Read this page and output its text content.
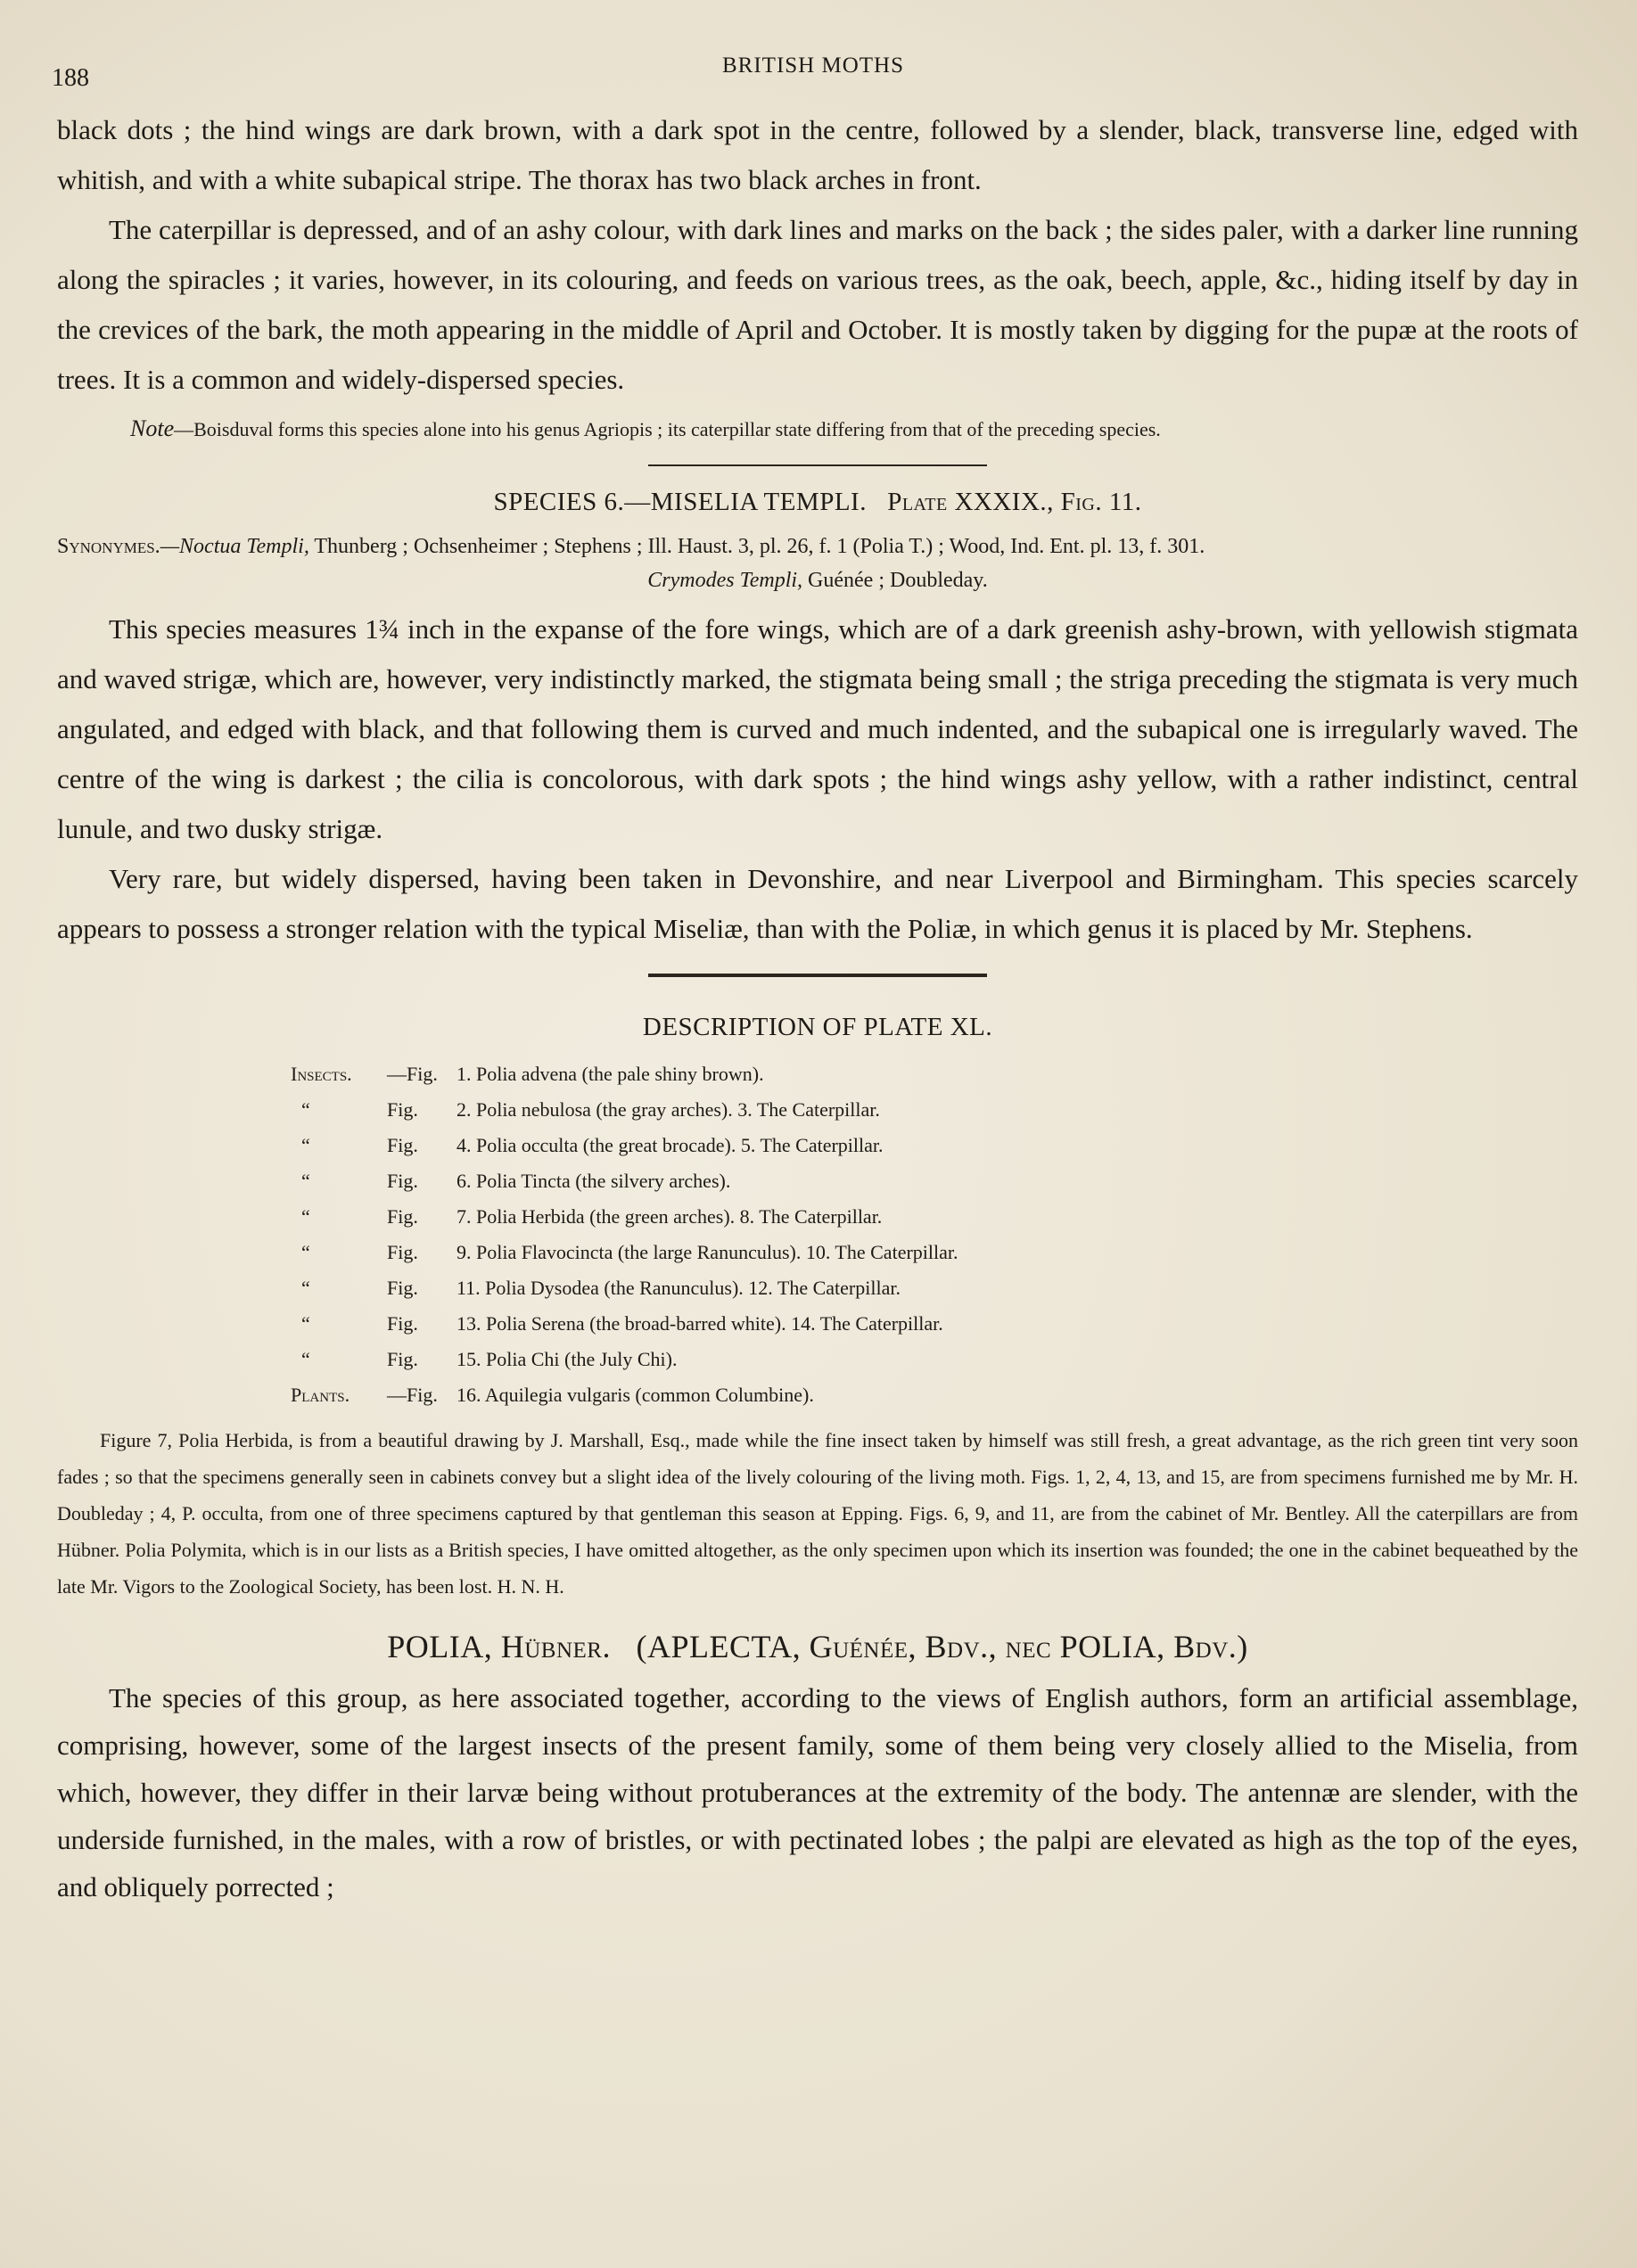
188	BRITISH MOTHS

black dots ; the hind wings are dark brown, with a dark spot in the centre, followed by a slender, black, transverse line, edged with whitish, and with a white subapical stripe. The thorax has two black arches in front.

The caterpillar is depressed, and of an ashy colour, with dark lines and marks on the back ; the sides paler, with a darker line running along the spiracles ; it varies, however, in its colouring, and feeds on various trees, as the oak, beech, apple, &c., hiding itself by day in the crevices of the bark, the moth appearing in the middle of April and October. It is mostly taken by digging for the pupæ at the roots of trees. It is a common and widely-dispersed species.

Note—Boisduval forms this species alone into his genus Agriopis ; its caterpillar state differing from that of the preceding species.

SPECIES 6.—MISELIA TEMPLI. Plate XXXIX., Fig. 11.

Synonymes.—Noctua Templi, Thunberg ; Ochsenheimer ; Stephens ; Ill. Haust. 3, pl. 26, f. 1 (Polia T.) ; Wood, Ind. Ent. pl. 13, f. 301.

Crymodes Templi, Guénée ; Doubleday.

This species measures 1¾ inch in the expanse of the fore wings, which are of a dark greenish ashy-brown, with yellowish stigmata and waved strigæ, which are, however, very indistinctly marked, the stigmata being small ; the striga preceding the stigmata is very much angulated, and edged with black, and that following them is curved and much indented, and the subapical one is irregularly waved. The centre of the wing is darkest ; the cilia is concolorous, with dark spots ; the hind wings ashy yellow, with a rather indistinct, central lunule, and two dusky strigæ.

Very rare, but widely dispersed, having been taken in Devonshire, and near Liverpool and Birmingham. This species scarcely appears to possess a stronger relation with the typical Miseliæ, than with the Poliæ, in which genus it is placed by Mr. Stephens.

DESCRIPTION OF PLATE XL.
Insects.	—Fig. 1. Polia advena (the pale shiny brown).
“	Fig.	2. Polia nebulosa (the gray arches). 3. The Caterpillar.
“	Fig.	4. Polia occulta (the great brocade). 5. The Caterpillar.
“	Fig.	6. Polia Tincta (the silvery arches).
“	Fig.	7. Polia Herbida (the green arches). 8. The Caterpillar.
“	Fig.	9. Polia Flavocincta (the large Ranunculus). 10. The Caterpillar.
“	Fig.	11. Polia Dysodea (the Ranunculus). 12. The Caterpillar.
“	Fig.	13. Polia Serena (the broad-barred white). 14. The Caterpillar.
“	Fig.	15. Polia Chi (the July Chi).
Plants.	—Fig. 16. Aquilegia vulgaris (common Columbine).

Figure 7, Polia Herbida, is from a beautiful drawing by J. Marshall, Esq., made while the fine insect taken by himself was still fresh, a great advantage, as the rich green tint very soon fades ; so that the specimens generally seen in cabinets convey but a slight idea of the lively colouring of the living moth. Figs. 1, 2, 4, 13, and 15, are from specimens furnished me by Mr. H. Doubleday ; 4, P. occulta, from one of three specimens captured by that gentleman this season at Epping. Figs. 6, 9, and 11, are from the cabinet of Mr. Bentley. All the caterpillars are from Hübner. Polia Polymita, which is in our lists as a British species, I have omitted altogether, as the only specimen upon which its insertion was founded; the one in the cabinet bequeathed by the late Mr. Vigors to the Zoological Society, has been lost. H. N. H.

POLIA, Hübner. (APLECTA, Guénée, Bdv., nec POLIA, Bdv.)

The species of this group, as here associated together, according to the views of English authors, form an artificial assemblage, comprising, however, some of the largest insects of the present family, some of them being very closely allied to the Miselia, from which, however, they differ in their larvæ being without protuberances at the extremity of the body. The antennæ are slender, with the underside furnished, in the males, with a row of bristles, or with pectinated lobes ; the palpi are elevated as high as the top of the eyes, and obliquely porrected ;
